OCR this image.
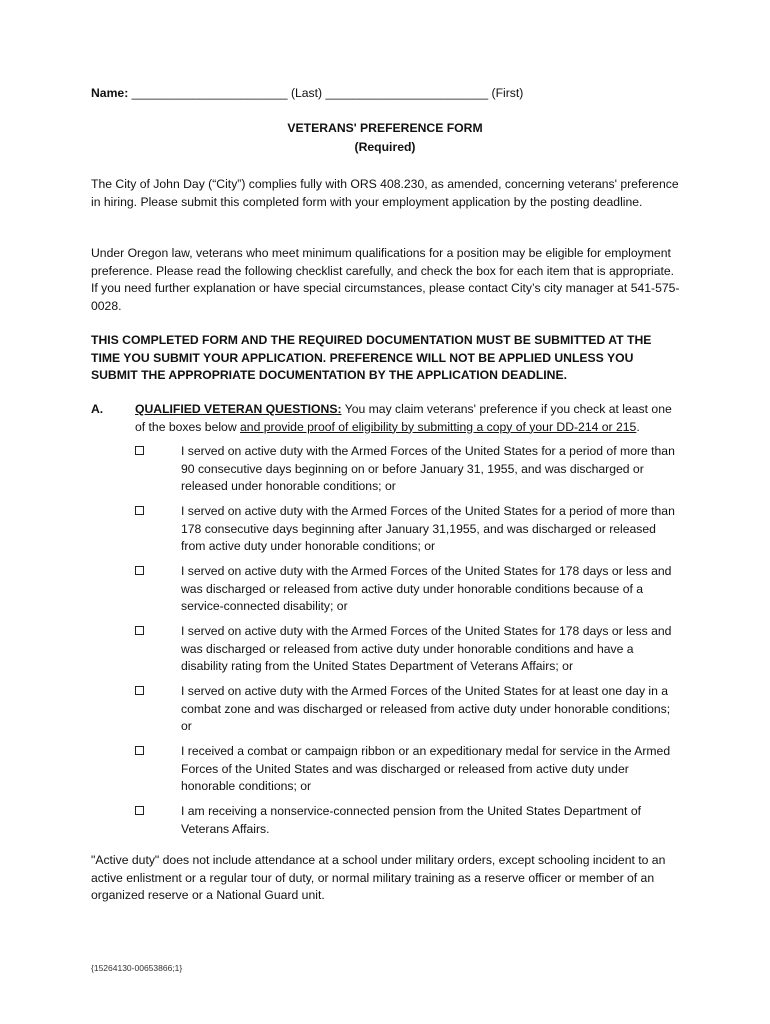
Name: _______________________ (Last) ________________________ (First)
VETERANS' PREFERENCE FORM
(Required)
The City of John Day (“City”) complies fully with ORS 408.230, as amended, concerning veterans' preference in hiring. Please submit this completed form with your employment application by the posting deadline.
Under Oregon law, veterans who meet minimum qualifications for a position may be eligible for employment preference. Please read the following checklist carefully, and check the box for each item that is appropriate. If you need further explanation or have special circumstances, please contact City’s city manager at 541-575-0028.
THIS COMPLETED FORM AND THE REQUIRED DOCUMENTATION MUST BE SUBMITTED AT THE TIME YOU SUBMIT YOUR APPLICATION. PREFERENCE WILL NOT BE APPLIED UNLESS YOU SUBMIT THE APPROPRIATE DOCUMENTATION BY THE APPLICATION DEADLINE.
A.	QUALIFIED VETERAN QUESTIONS: You may claim veterans' preference if you check at least one of the boxes below and provide proof of eligibility by submitting a copy of your DD-214 or 215.
I served on active duty with the Armed Forces of the United States for a period of more than 90 consecutive days beginning on or before January 31, 1955, and was discharged or released under honorable conditions; or
I served on active duty with the Armed Forces of the United States for a period of more than 178 consecutive days beginning after January 31,1955, and was discharged or released from active duty under honorable conditions; or
I served on active duty with the Armed Forces of the United States for 178 days or less and was discharged or released from active duty under honorable conditions because of a service-connected disability; or
I served on active duty with the Armed Forces of the United States for 178 days or less and was discharged or released from active duty under honorable conditions and have a disability rating from the United States Department of Veterans Affairs; or
I served on active duty with the Armed Forces of the United States for at least one day in a combat zone and was discharged or released from active duty under honorable conditions; or
I received a combat or campaign ribbon or an expeditionary medal for service in the Armed Forces of the United States and was discharged or released from active duty under honorable conditions; or
I am receiving a nonservice-connected pension from the United States Department of Veterans Affairs.
"Active duty" does not include attendance at a school under military orders, except schooling incident to an active enlistment or a regular tour of duty, or normal military training as a reserve officer or member of an organized reserve or a National Guard unit.
{15264130-00653866;1}
